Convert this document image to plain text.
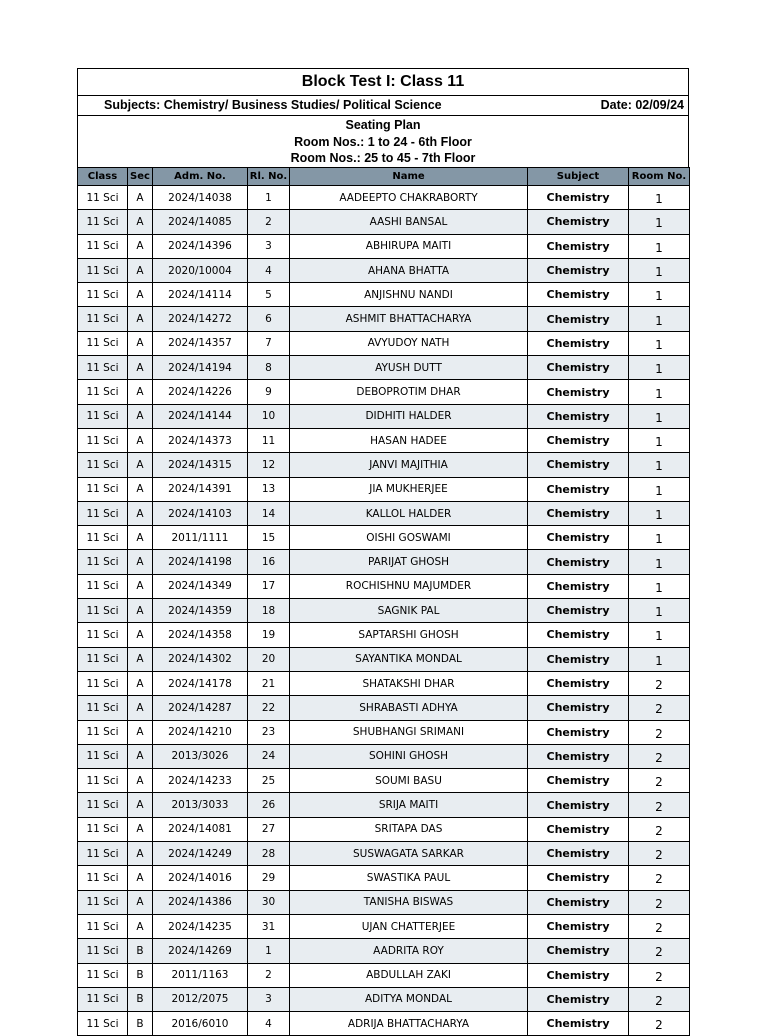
Block Test I: Class 11
Subjects: Chemistry/ Business Studies/ Political Science	Date: 02/09/24
Seating Plan
Room Nos.: 1 to 24 - 6th Floor
Room Nos.: 25 to 45 - 7th Floor
Class	Sec	Adm. No.	Rl. No.	Name	Subject	Room No.
11 Sci	A	2024/14038	1	AADEEPTO CHAKRABORTY	Chemistry	1
11 Sci	A	2024/14085	2	AASHI BANSAL	Chemistry	1
11 Sci	A	2024/14396	3	ABHIRUPA MAITI	Chemistry	1
11 Sci	A	2020/10004	4	AHANA BHATTA	Chemistry	1
11 Sci	A	2024/14114	5	ANJISHNU NANDI	Chemistry	1
11 Sci	A	2024/14272	6	ASHMIT BHATTACHARYA	Chemistry	1
11 Sci	A	2024/14357	7	AVYUDOY NATH	Chemistry	1
11 Sci	A	2024/14194	8	AYUSH DUTT	Chemistry	1
11 Sci	A	2024/14226	9	DEBOPROTIM DHAR	Chemistry	1
11 Sci	A	2024/14144	10	DIDHITI HALDER	Chemistry	1
11 Sci	A	2024/14373	11	HASAN HADEE	Chemistry	1
11 Sci	A	2024/14315	12	JANVI MAJITHIA	Chemistry	1
11 Sci	A	2024/14391	13	JIA MUKHERJEE	Chemistry	1
11 Sci	A	2024/14103	14	KALLOL HALDER	Chemistry	1
11 Sci	A	2011/1111	15	OISHI GOSWAMI	Chemistry	1
11 Sci	A	2024/14198	16	PARIJAT GHOSH	Chemistry	1
11 Sci	A	2024/14349	17	ROCHISHNU MAJUMDER	Chemistry	1
11 Sci	A	2024/14359	18	SAGNIK PAL	Chemistry	1
11 Sci	A	2024/14358	19	SAPTARSHI GHOSH	Chemistry	1
11 Sci	A	2024/14302	20	SAYANTIKA MONDAL	Chemistry	1
11 Sci	A	2024/14178	21	SHATAKSHI DHAR	Chemistry	2
11 Sci	A	2024/14287	22	SHRABASTI ADHYA	Chemistry	2
11 Sci	A	2024/14210	23	SHUBHANGI SRIMANI	Chemistry	2
11 Sci	A	2013/3026	24	SOHINI GHOSH	Chemistry	2
11 Sci	A	2024/14233	25	SOUMI BASU	Chemistry	2
11 Sci	A	2013/3033	26	SRIJA MAITI	Chemistry	2
11 Sci	A	2024/14081	27	SRITAPA DAS	Chemistry	2
11 Sci	A	2024/14249	28	SUSWAGATA SARKAR	Chemistry	2
11 Sci	A	2024/14016	29	SWASTIKA PAUL	Chemistry	2
11 Sci	A	2024/14386	30	TANISHA BISWAS	Chemistry	2
11 Sci	A	2024/14235	31	UJAN CHATTERJEE	Chemistry	2
11 Sci	B	2024/14269	1	AADRITA ROY	Chemistry	2
11 Sci	B	2011/1163	2	ABDULLAH ZAKI	Chemistry	2
11 Sci	B	2012/2075	3	ADITYA MONDAL	Chemistry	2
11 Sci	B	2016/6010	4	ADRIJA BHATTACHARYA	Chemistry	2
